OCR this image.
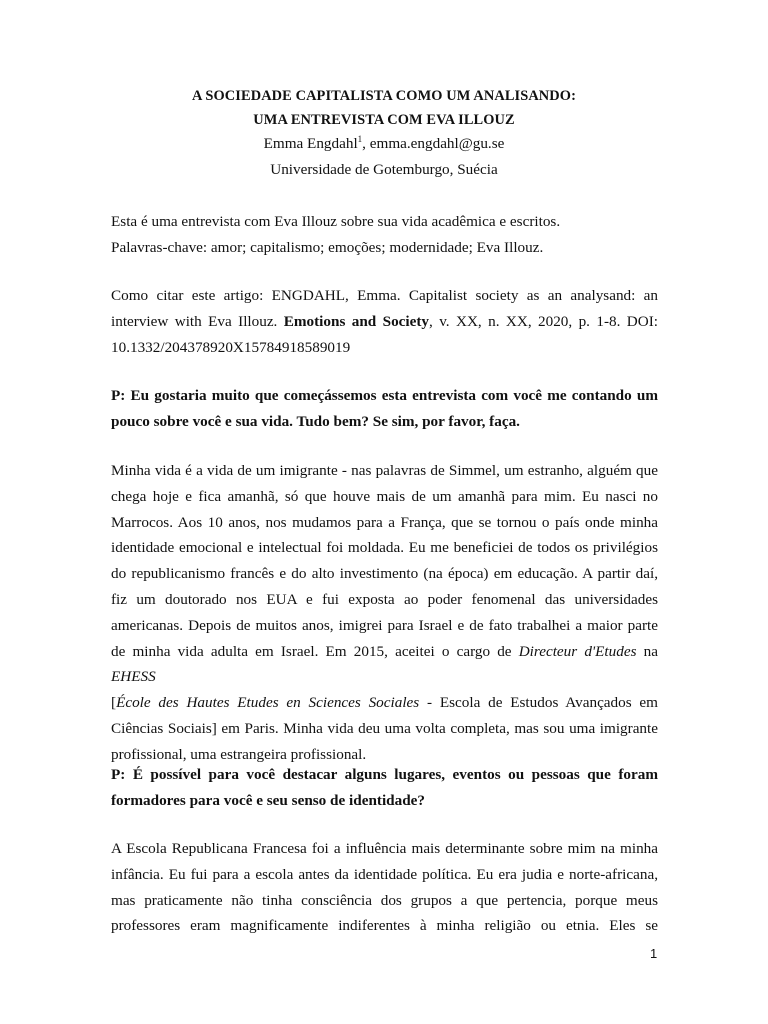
A SOCIEDADE CAPITALISTA COMO UM ANALISANDO:
UMA ENTREVISTA COM EVA ILLOUZ
Emma Engdahl$^1$, emma.engdahl@gu.se
Universidade de Gotemburgo, Suécia
Esta é uma entrevista com Eva Illouz sobre sua vida acadêmica e escritos.
Palavras-chave: amor; capitalismo; emoções; modernidade; Eva Illouz.
Como citar este artigo: ENGDAHL, Emma. Capitalist society as an analysand: an
interview with Eva Illouz. Emotions and Society, v. XX, n. XX, 2020, p. 1-8. DOI:
10.1332/204378920X15784918589019
P: Eu gostaria muito que começássemos esta entrevista com você me contando um
pouco sobre você e sua vida. Tudo bem? Se sim, por favor, faça.
Minha vida é a vida de um imigrante - nas palavras de Simmel, um estranho, alguém que
chega hoje e fica amanhã, só que houve mais de um amanhã para mim. Eu nasci no
Marrocos. Aos 10 anos, nos mudamos para a França, que se tornou o país onde minha
identidade emocional e intelectual foi moldada. Eu me beneficiei de todos os privilégios
do republicanismo francês e do alto investimento (na época) em educação. A partir daí,
fiz um doutorado nos EUA e fui exposta ao poder fenomenal das universidades
americanas. Depois de muitos anos, imigrei para Israel e de fato trabalhei a maior parte
de minha vida adulta em Israel. Em 2015, aceitei o cargo de Directeur d'Etudes na EHESS
[École des Hautes Etudes en Sciences Sociales - Escola de Estudos Avançados em
Ciências Sociais] em Paris. Minha vida deu uma volta completa, mas sou uma imigrante
profissional, uma estrangeira profissional.
P: É possível para você destacar alguns lugares, eventos ou pessoas que foram
formadores para você e seu senso de identidade?
A Escola Republicana Francesa foi a influência mais determinante sobre mim na minha
infância. Eu fui para a escola antes da identidade política. Eu era judia e norte-africana,
mas praticamente não tinha consciência dos grupos a que pertencia, porque meus
professores eram magnificamente indiferentes à minha religião ou etnia. Eles se
1
